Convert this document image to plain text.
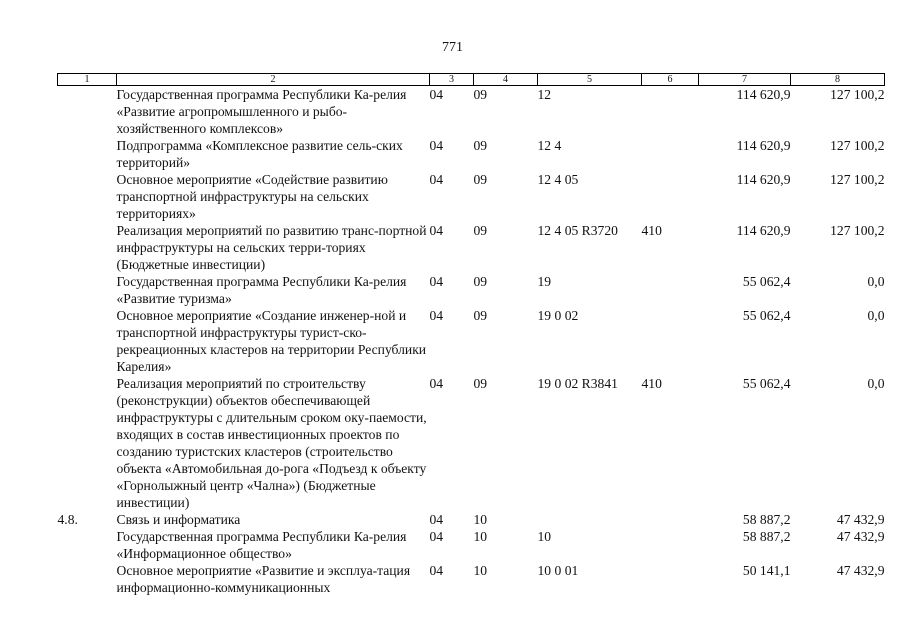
771
1	2	3	4	5	6	7	8
	Государственная программа Республики Ка-релия «Развитие агропромышленного и рыбо-хозяйственного комплексов»	04	09	12		114 620,9	127 100,2
	Подпрограмма «Комплексное развитие сель-ских территорий»	04	09	12 4		114 620,9	127 100,2
	Основное мероприятие «Содействие развитию транспортной инфраструктуры на сельских территориях»	04	09	12 4 05		114 620,9	127 100,2
	Реализация мероприятий по развитию транс-портной инфраструктуры на сельских терри-ториях (Бюджетные инвестиции)	04	09	12 4 05 R3720	410	114 620,9	127 100,2
	Государственная программа Республики Ка-релия «Развитие туризма»	04	09	19		55 062,4	0,0
	Основное мероприятие «Создание инженер-ной и транспортной инфраструктуры турист-ско-рекреационных кластеров на территории Республики Карелия»	04	09	19 0 02		55 062,4	0,0
	Реализация мероприятий по строительству (реконструкции) объектов обеспечивающей инфраструктуры с длительным сроком оку-паемости, входящих в состав инвестиционных проектов по созданию туристских кластеров (строительство объекта «Автомобильная до-рога «Подъезд к объекту «Горнолыжный центр «Чална») (Бюджетные инвестиции)	04	09	19 0 02 R3841	410	55 062,4	0,0
4.8.	Связь и информатика	04	10			58 887,2	47 432,9
	Государственная программа Республики Ка-релия «Информационное общество»	04	10	10		58 887,2	47 432,9
	Основное мероприятие «Развитие и эксплуа-тация информационно-коммуникационных	04	10	10 0 01		50 141,1	47 432,9
